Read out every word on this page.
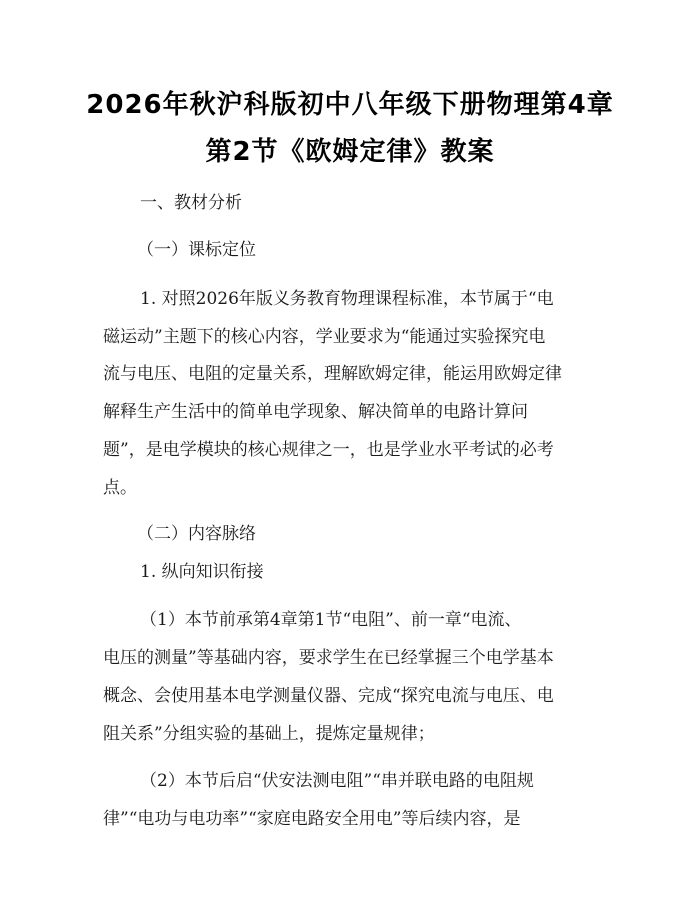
2026年秋沪科版初中八年级下册物理第4章
第2节《欧姆定律》教案
一、教材分析
（一）课标定位
1. 对照2026年版义务教育物理课程标准，本节属于“电
磁运动”主题下的核心内容，学业要求为“能通过实验探究电
流与电压、电阻的定量关系，理解欧姆定律，能运用欧姆定律
解释生产生活中的简单电学现象、解决简单的电路计算问
题”，是电学模块的核心规律之一，也是学业水平考试的必考
点。
（二）内容脉络
1. 纵向知识衔接
（1）本节前承第4章第1节“电阻”、前一章“电流、
电压的测量”等基础内容，要求学生在已经掌握三个电学基本
概念、会使用基本电学测量仪器、完成“探究电流与电压、电
阻关系”分组实验的基础上，提炼定量规律；
（2）本节后启“伏安法测电阻”“串并联电路的电阻规
律”“电功与电功率”“家庭电路安全用电”等后续内容，是
